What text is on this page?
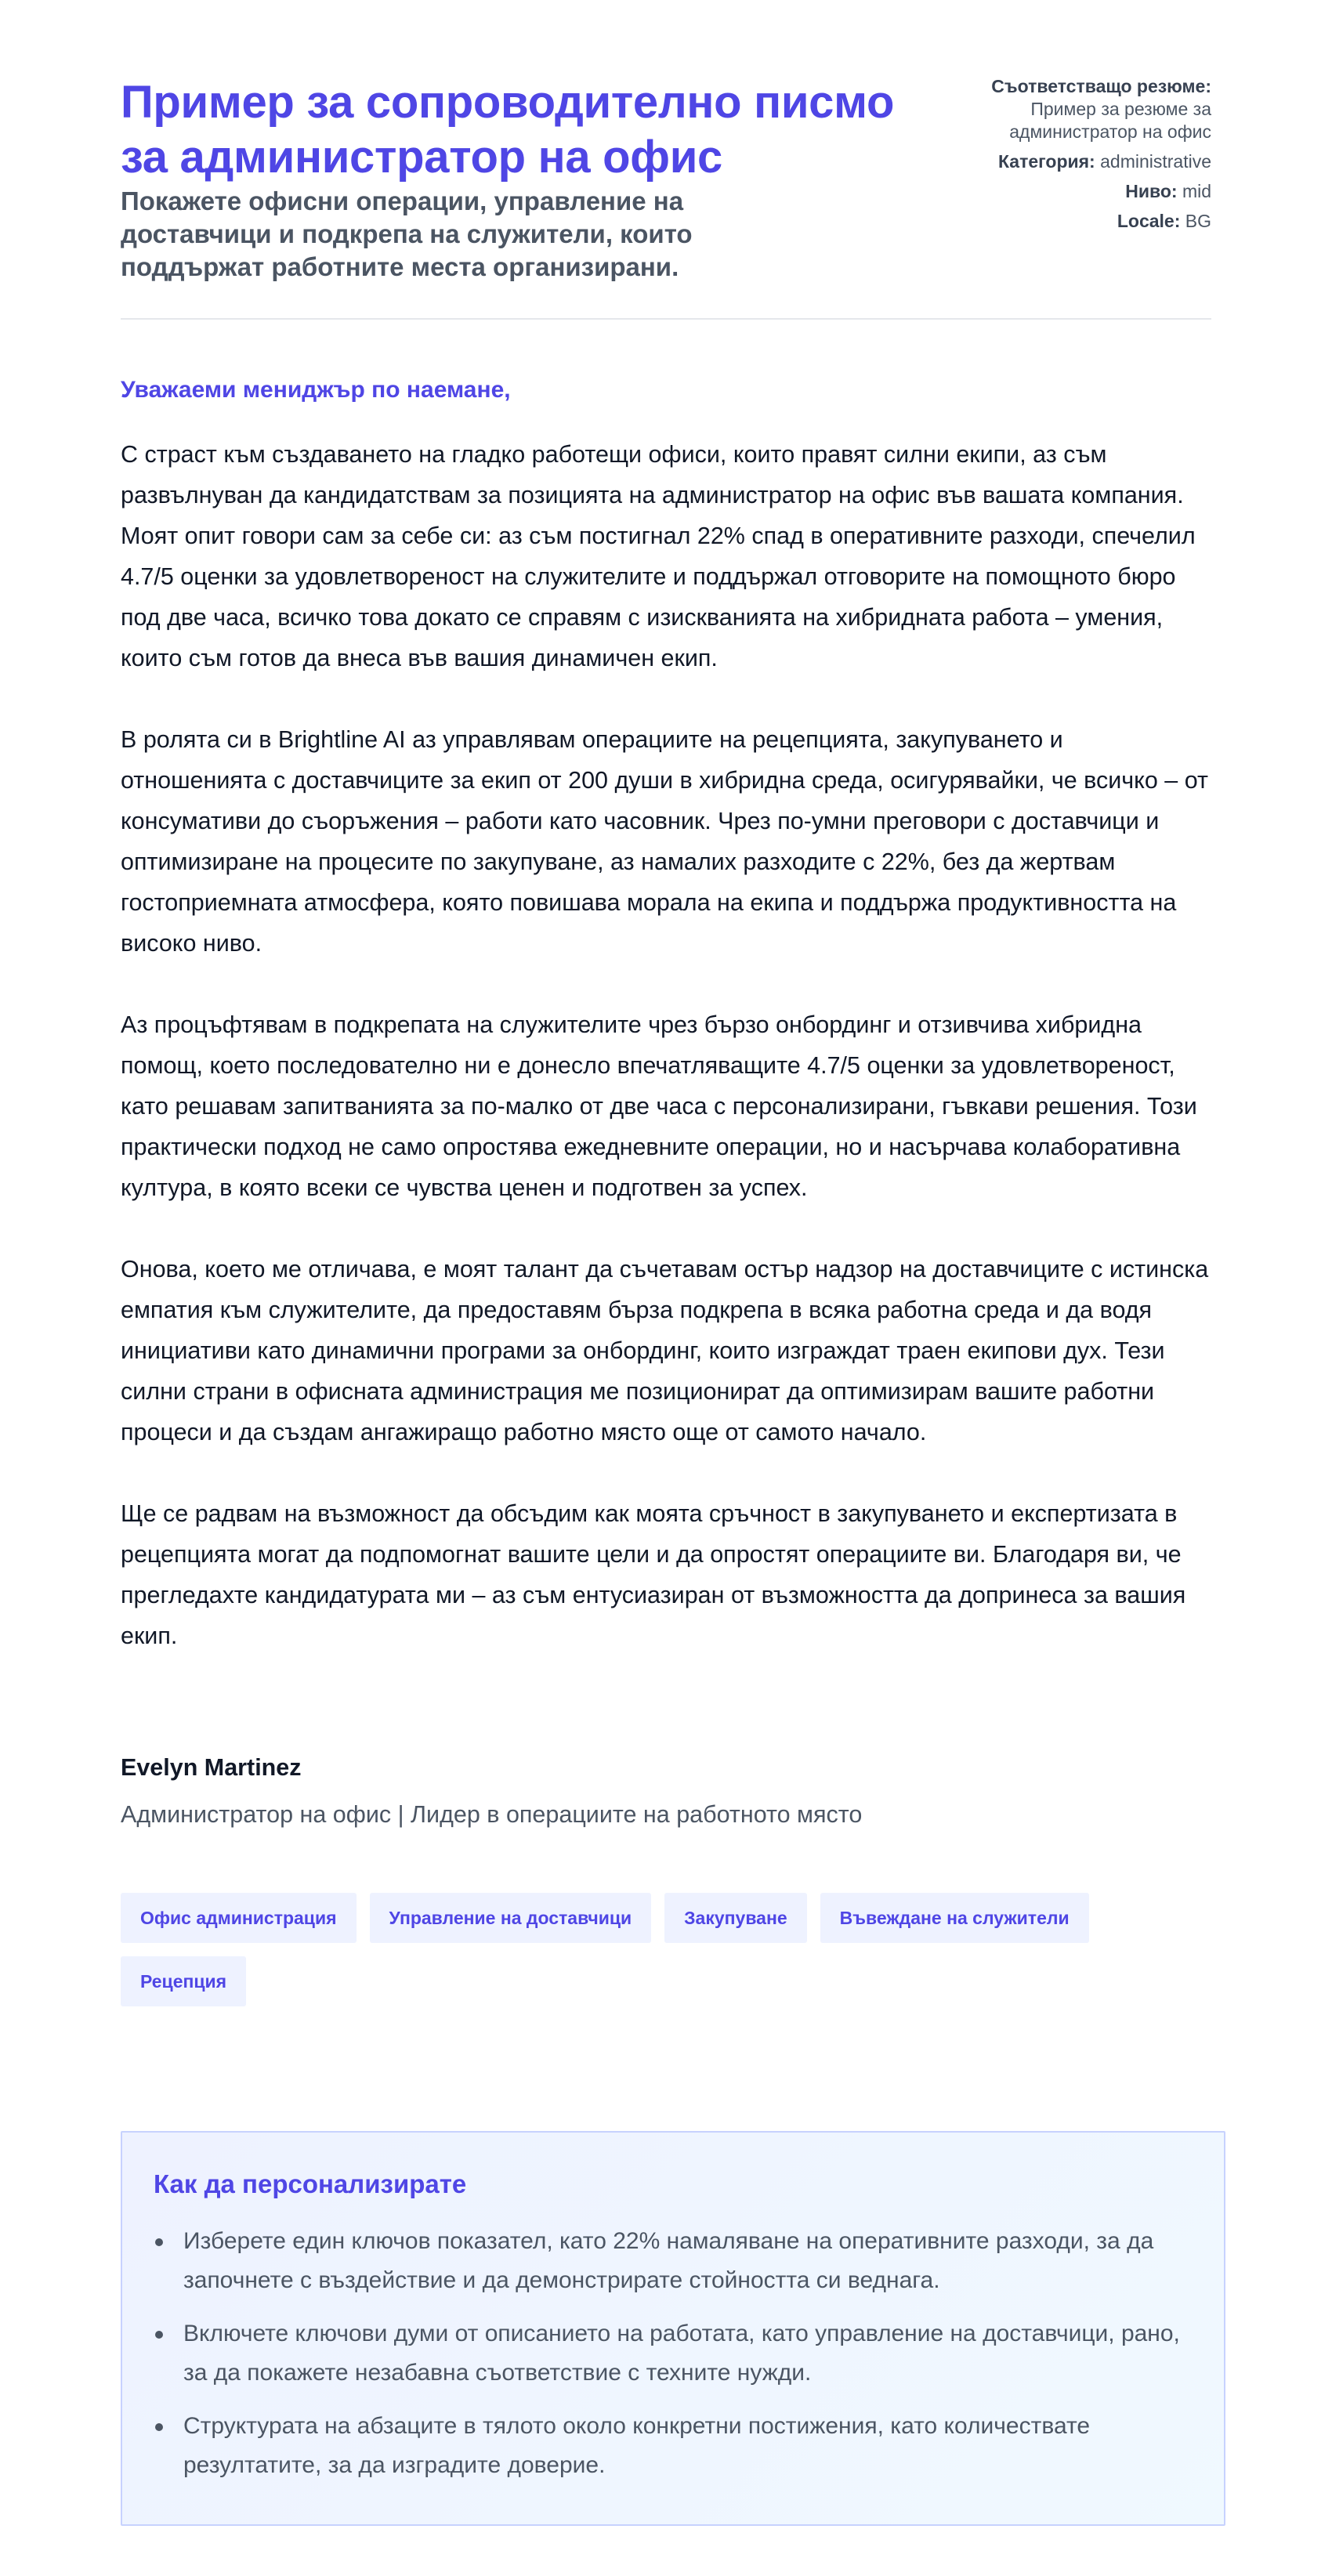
Пример за сопроводително писмо за администратор на офис

Покажете офисни операции, управление на доставчици и подкрепа на служители, които поддържат работните места организирани.

Съответстващо резюме:
Пример за резюме за администратор на офис
Категория: administrative
Ниво: mid
Locale: BG

Уважаеми мениджър по наемане,

С страст към създаването на гладко работещи офиси, които правят силни екипи, аз съм развълнуван да кандидатствам за позицията на администратор на офис във вашата компания. Моят опит говори сам за себе си: аз съм постигнал 22% спад в оперативните разходи, спечелил 4.7/5 оценки за удовлетвореност на служителите и поддържал отговорите на помощното бюро под две часа, всичко това докато се справям с изискванията на хибридната работа – умения, които съм готов да внеса във вашия динамичен екип.

В ролята си в Brightline AI аз управлявам операциите на рецепцията, закупуването и отношенията с доставчиците за екип от 200 души в хибридна среда, осигурявайки, че всичко – от консумативи до съоръжения – работи като часовник. Чрез по-умни преговори с доставчици и оптимизиране на процесите по закупуване, аз намалих разходите с 22%, без да жертвам гостоприемната атмосфера, която повишава морала на екипа и поддържа продуктивността на високо ниво.

Аз процъфтявам в подкрепата на служителите чрез бързо онбординг и отзивчива хибридна помощ, което последователно ни е донесло впечатляващите 4.7/5 оценки за удовлетвореност, като решавам запитванията за по-малко от две часа с персонализирани, гъвкави решения. Този практически подход не само опростява ежедневните операции, но и насърчава колаборативна култура, в която всеки се чувства ценен и подготвен за успех.

Онова, което ме отличава, е моят талант да съчетавам остър надзор на доставчиците с истинска емпатия към служителите, да предоставям бърза подкрепа в всяка работна среда и да водя инициативи като динамични програми за онбординг, които изграждат траен екипови дух. Тези силни страни в офисната администрация ме позиционират да оптимизирам вашите работни процеси и да създам ангажиращо работно място още от самото начало.

Ще се радвам на възможност да обсъдим как моята сръчност в закупуването и експертизата в рецепцията могат да подпомогнат вашите цели и да опростят операциите ви. Благодаря ви, че прегледахте кандидатурата ми – аз съм ентусиазиран от възможността да допринеса за вашия екип.

Evelyn Martinez
Администратор на офис | Лидер в операциите на работното място
Офис администрация	Управление на доставчици	Закупуване	Въвеждане на служители
Рецепция
Как да персонализирате
Изберете един ключов показател, като 22% намаляване на оперативните разходи, за да започнете с въздействие и да демонстрирате стойността си веднага.
Включете ключови думи от описанието на работата, като управление на доставчици, рано, за да покажете незабавна съответствие с техните нужди.
Структурата на абзаците в тялото около конкретни постижения, като количествате резултатите, за да изградите доверие.
